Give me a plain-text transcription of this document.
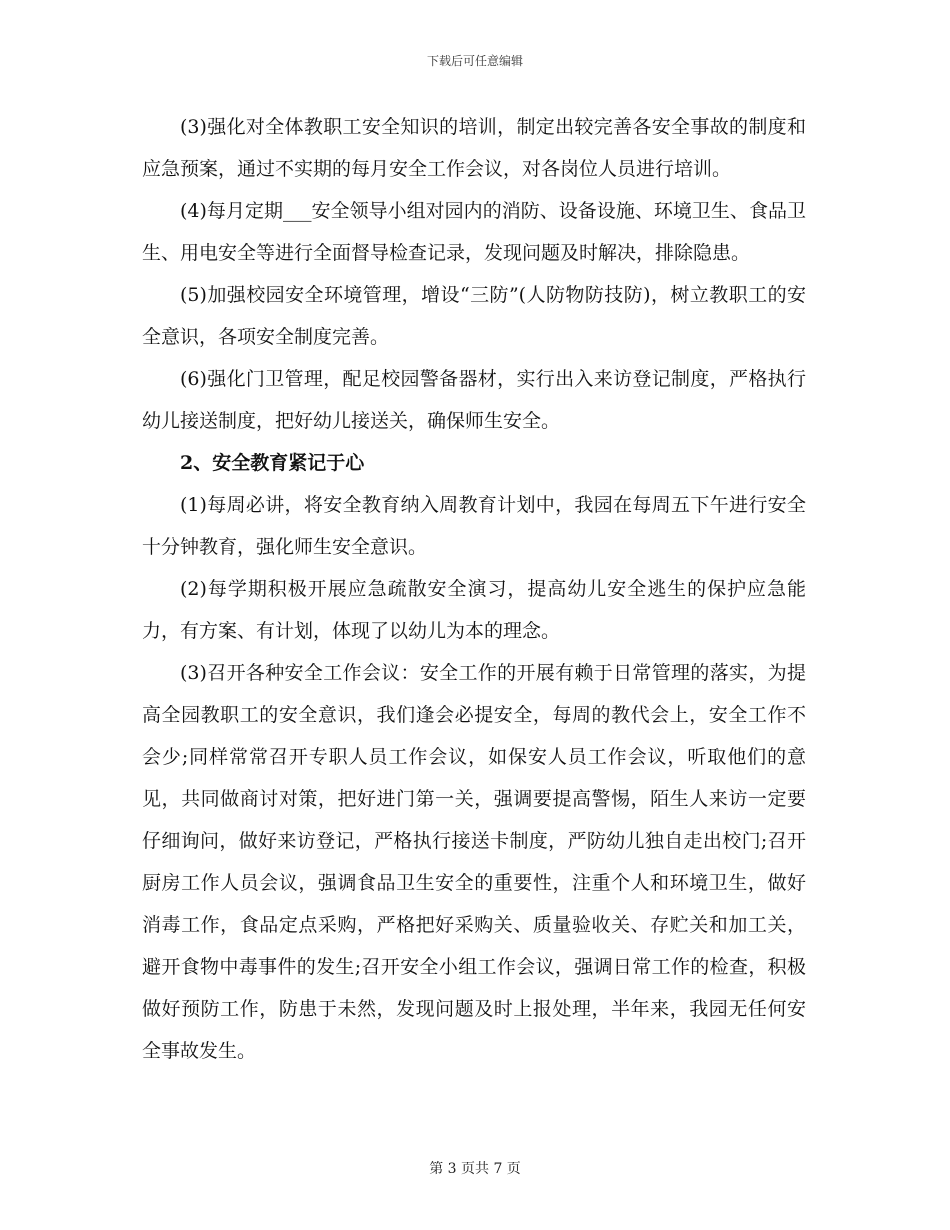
下载后可任意编辑

(3)强化对全体教职工安全知识的培训，制定出较完善各安全事故的制度和应急预案，通过不实期的每月安全工作会议，对各岗位人员进行培训。

(4)每月定期___安全领导小组对园内的消防、设备设施、环境卫生、食品卫生、用电安全等进行全面督导检查记录，发现问题及时解决，排除隐患。

(5)加强校园安全环境管理，增设“三防”(人防物防技防)，树立教职工的安全意识，各项安全制度完善。

(6)强化门卫管理，配足校园警备器材，实行出入来访登记制度，严格执行幼儿接送制度，把好幼儿接送关，确保师生安全。

2、安全教育紧记于心

(1)每周必讲，将安全教育纳入周教育计划中，我园在每周五下午进行安全十分钟教育，强化师生安全意识。

(2)每学期积极开展应急疏散安全演习，提高幼儿安全逃生的保护应急能力，有方案、有计划，体现了以幼儿为本的理念。

(3)召开各种安全工作会议：安全工作的开展有赖于日常管理的落实，为提高全园教职工的安全意识，我们逢会必提安全，每周的教代会上，安全工作不会少;同样常常召开专职人员工作会议，如保安人员工作会议，听取他们的意见，共同做商讨对策，把好进门第一关，强调要提高警惕，陌生人来访一定要仔细询问，做好来访登记，严格执行接送卡制度，严防幼儿独自走出校门;召开厨房工作人员会议，强调食品卫生安全的重要性，注重个人和环境卫生，做好消毒工作，食品定点采购，严格把好采购关、质量验收关、存贮关和加工关，避开食物中毒事件的发生;召开安全小组工作会议，强调日常工作的检查，积极做好预防工作，防患于未然，发现问题及时上报处理，半年来，我园无任何安全事故发生。

第 3 页共 7 页
